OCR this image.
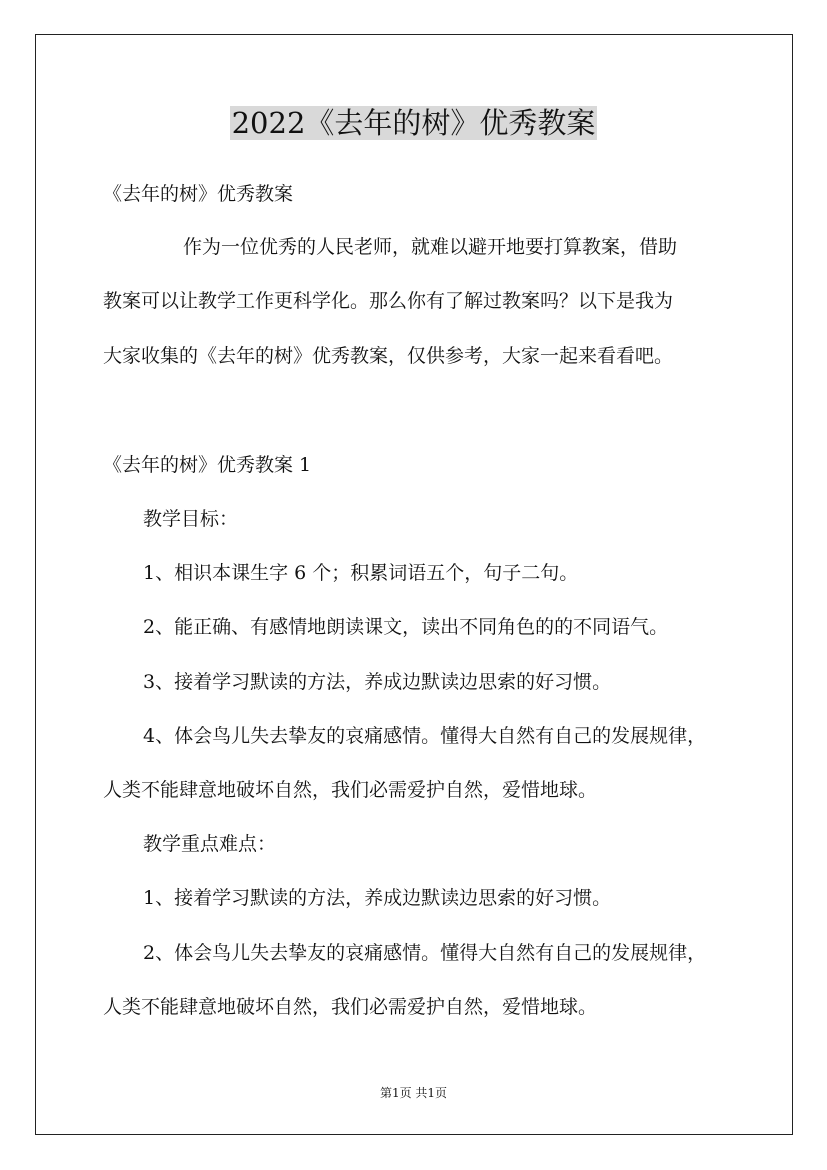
2022《去年的树》优秀教案
《去年的树》优秀教案
作为一位优秀的人民老师，就难以避开地要打算教案，借助
教案可以让教学工作更科学化。那么你有了解过教案吗？以下是我为
大家收集的《去年的树》优秀教案，仅供参考，大家一起来看看吧。
《去年的树》优秀教案 1
教学目标：
1、相识本课生字 6 个；积累词语五个，句子二句。
2、能正确、有感情地朗读课文，读出不同角色的的不同语气。
3、接着学习默读的方法，养成边默读边思索的好习惯。
4、体会鸟儿失去挚友的哀痛感情。懂得大自然有自己的发展规律，
人类不能肆意地破坏自然，我们必需爱护自然，爱惜地球。
教学重点难点：
1、接着学习默读的方法，养成边默读边思索的好习惯。
2、体会鸟儿失去挚友的哀痛感情。懂得大自然有自己的发展规律，
人类不能肆意地破坏自然，我们必需爱护自然，爱惜地球。
第1页 共1页
